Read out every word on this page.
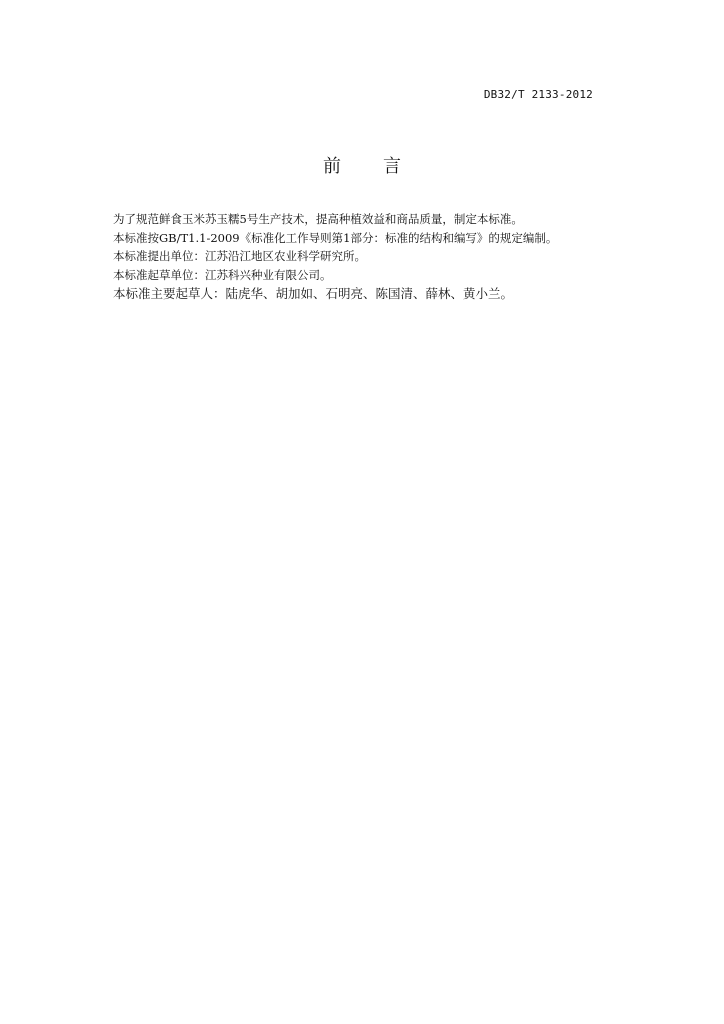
DB32/T 2133-2012
前 言
为了规范鲜食玉米苏玉糯5号生产技术，提高种植效益和商品质量，制定本标准。
本标准按GB/T1.1-2009《标准化工作导则第1部分：标准的结构和编写》的规定编制。
本标准提出单位：江苏沿江地区农业科学研究所。
本标准起草单位：江苏科兴种业有限公司。
本标准主要起草人：陆虎华、胡加如、石明亮、陈国清、薛林、黄小兰。
